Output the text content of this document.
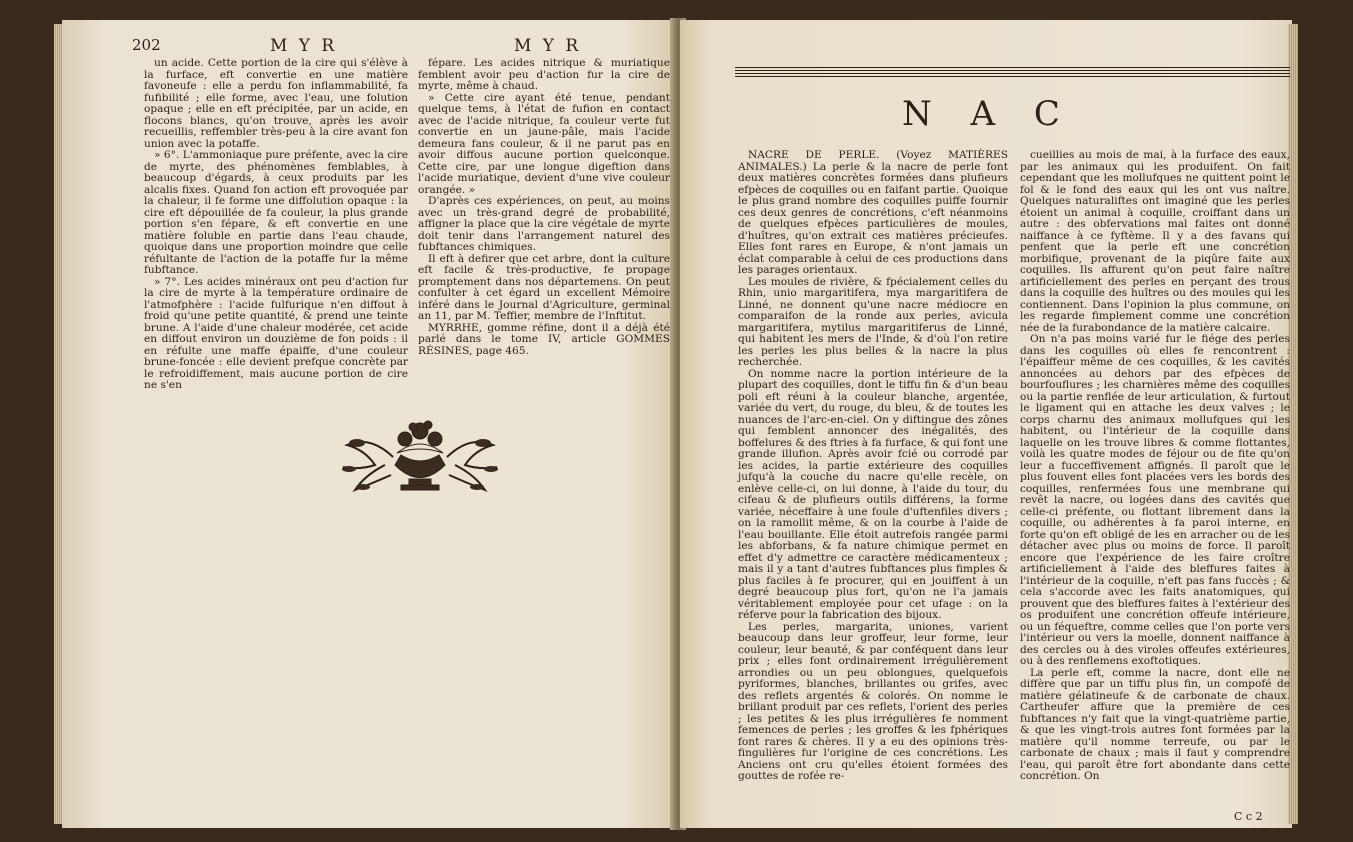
202	M Y R	M Y R

un acide. Cette portion de la cire qui s'élève à la furface, eft convertie en une matière favoneufe : elle a perdu fon inflammabilité, fa fufibilité ; elle forme, avec l'eau, une folution opaque ; elle en eft précipitée, par un acide, en flocons blancs, qu'on trouve, après les avoir recueillis, reffembler très-peu à la cire avant fon union avec la potaffe.

» 6°. L'ammoniaque pure préfente, avec la cire de myrte, des phénomènes femblables, à beaucoup d'égards, à ceux produits par les alcalis fixes. Quand fon action eft provoquée par la chaleur, il fe forme une diffolution opaque : la cire eft dépouillée de fa couleur, la plus grande portion s'en fépare, & eft convertie en une matière foluble en partie dans l'eau chaude, quoique dans une proportion moindre que celle réfultante de l'action de la potaffe fur la même fubftance.

» 7°. Les acides minéraux ont peu d'action fur la cire de myrte à la température ordinaire de l'atmofphère : l'acide fulfurique n'en diffout à froid qu'une petite quantité, & prend une teinte brune. A l'aide d'une chaleur modérée, cet acide en diffout environ un douzième de fon poids : il en réfulte une maffe épaiffe, d'une couleur brune-foncée : elle devient prefque concrète par le refroidiffement, mais aucune portion de cire ne s'en

fépare. Les acides nitrique & muriatique femblent avoir peu d'action fur la cire de myrte, même à chaud.

» Cette cire ayant été tenue, pendant quelque tems, à l'état de fufion en contact avec de l'acide nitrique, fa couleur verte fut convertie en un jaune-pâle, mais l'acide demeura fans couleur, & il ne parut pas en avoir diffous aucune portion quelconque. Cette cire, par une longue digeftion dans l'acide muriatique, devient d'une vive couleur orangée. »

D'après ces expériences, on peut, au moins avec un très-grand degré de probabilité, affigner la place que la cire végétale de myrte doit tenir dans l'arrangement naturel des fubftances chimiques.

Il eft à defirer que cet arbre, dont la culture eft facile & très-productive, fe propage promptement dans nos départemens. On peut confulter à cet égard un excellent Mémoire inféré dans le Journal d'Agriculture, germinal an 11, par M. Teffier, membre de l'Inftitut.

MYRRHE, gomme réfine, dont il a déjà été parlé dans le tome IV, article GOMMES RÉSINES, page 465.

N A C

NACRE DE PERLE. (Voyez MATIÈRES ANIMALES.) La perle & la nacre de perle font deux matières concrètes formées dans plufieurs efpèces de coquilles ou en faifant partie. Quoique le plus grand nombre des coquilles puiffe fournir ces deux genres de concrétions, c'eft néanmoins de quelques efpèces particulières de moules, d'huîtres, qu'on extrait ces matières précieufes. Elles font rares en Europe, & n'ont jamais un éclat comparable à celui de ces productions dans les parages orientaux.

Les moules de rivière, & fpécialement celles du Rhin, unio margaritifera, mya margaritifera de Linné, ne donnent qu'une nacre médiocre en comparaifon de la ronde aux perles, avicula margaritifera, mytilus margaritiferus de Linné, qui habitent les mers de l'Inde, & d'où l'on retire les perles les plus belles & la nacre la plus recherchée.

On nomme nacre la portion intérieure de la plupart des coquilles, dont le tiffu fin & d'un beau poli eft réuni à la couleur blanche, argentée, variée du vert, du rouge, du bleu, & de toutes les nuances de l'arc-en-ciel. On y diftingue des zônes qui femblent annoncer des inégalités, des boffelures & des ftries à fa furface, & qui font une grande illufion. Après avoir fcié ou corrodé par les acides, la partie extérieure des coquilles jufqu'à la couche du nacre qu'elle recèle, on enlève celle-ci, on lui donne, à l'aide du tour, du cifeau & de plufieurs outils différens, la forme variée, néceffaire à une foule d'uftenfiles divers ; on la ramollit même, & on la courbe à l'aide de l'eau bouillante. Elle étoit autrefois rangée parmi les abforbans, & fa nature chimique permet en effet d'y admettre ce caractère médicamenteux ; mais il y a tant d'autres fubftances plus fimples & plus faciles à fe procurer, qui en jouiffent à un degré beaucoup plus fort, qu'on ne l'a jamais véritablement employée pour cet ufage : on la réferve pour la fabrication des bijoux.

Les perles, margarita, uniones, varient beaucoup dans leur groffeur, leur forme, leur couleur, leur beauté, & par conféquent dans leur prix ; elles font ordinairement irrégulièrement arrondies ou un peu oblongues, quelquefois pyriformes, blanches, brillantes ou grifes, avec des reflets argentés & colorés. On nomme le brillant produit par ces reflets, l'orient des perles ; les petites & les plus irrégulières fe nomment femences de perles ; les groffes & les fphériques font rares & chères. Il y a eu des opinions très-fingulières fur l'origine de ces concrétions. Les Anciens ont cru qu'elles étoient formées des gouttes de rofée re-

cueillies au mois de mai, à la furface des eaux, par les animaux qui les produifent. On fait cependant que les mollufques ne quittent point le fol & le fond des eaux qui les ont vus naître. Quelques naturaliftes ont imaginé que les perles étoient un animal à coquille, croiffant dans un autre : des obfervations mal faites ont donné naiffance à ce fyftème. Il y a des favans qui penfent que la perle eft une concrétion morbifique, provenant de la piqûre faite aux coquilles. Ils affurent qu'on peut faire naître artificiellement des perles en perçant des trous dans la coquille des huîtres ou des moules qui les contiennent. Dans l'opinion la plus commune, on les regarde fimplement comme une concrétion née de la furabondance de la matière calcaire.

On n'a pas moins varié fur le fiége des perles dans les coquilles où elles fe rencontrent : l'épaiffeur même de ces coquilles, & les cavités annoncées au dehors par des efpèces de bourfouflures ; les charnières même des coquilles ou la partie renflée de leur articulation, & furtout le ligament qui en attache les deux valves ; le corps charnu des animaux mollufques qui les habitent, ou l'intérieur de la coquille dans laquelle on les trouve libres & comme flottantes, voilà les quatre modes de féjour ou de fite qu'on leur a fucceffivement affignés. Il paroît que le plus fouvent elles font placées vers les bords des coquilles, renfermées fous une membrane qui revêt la nacre, ou logées dans des cavités que celle-ci préfente, ou flottant librement dans la coquille, ou adhérentes à fa paroi interne, en forte qu'on eft obligé de les en arracher ou de les détacher avec plus ou moins de force. Il paroît encore que l'expérience de les faire croître artificiellement à l'aide des bleffures faites à l'intérieur de la coquille, n'eft pas fans fuccès ; & cela s'accorde avec les faits anatomiques, qui prouvent que des bleffures faites à l'extérieur des os produifent une concrétion offeufe intérieure, ou un féqueftre, comme celles que l'on porte vers l'intérieur ou vers la moelle, donnent naiffance à des cercles ou à des viroles offeufes extérieures, ou à des renflemens exoftotiques.

La perle eft, comme la nacre, dont elle ne diffère que par un tiffu plus fin, un compofé de matière gélatineufe & de carbonate de chaux. Cartheufer affure que la première de ces fubftances n'y fait que la vingt-quatrième partie, & que les vingt-trois autres font formées par la matière qu'il nomme terreufe, ou par le carbonate de chaux ; mais il faut y comprendre l'eau, qui paroît être fort abondante dans cette concrétion. On

C c 2
